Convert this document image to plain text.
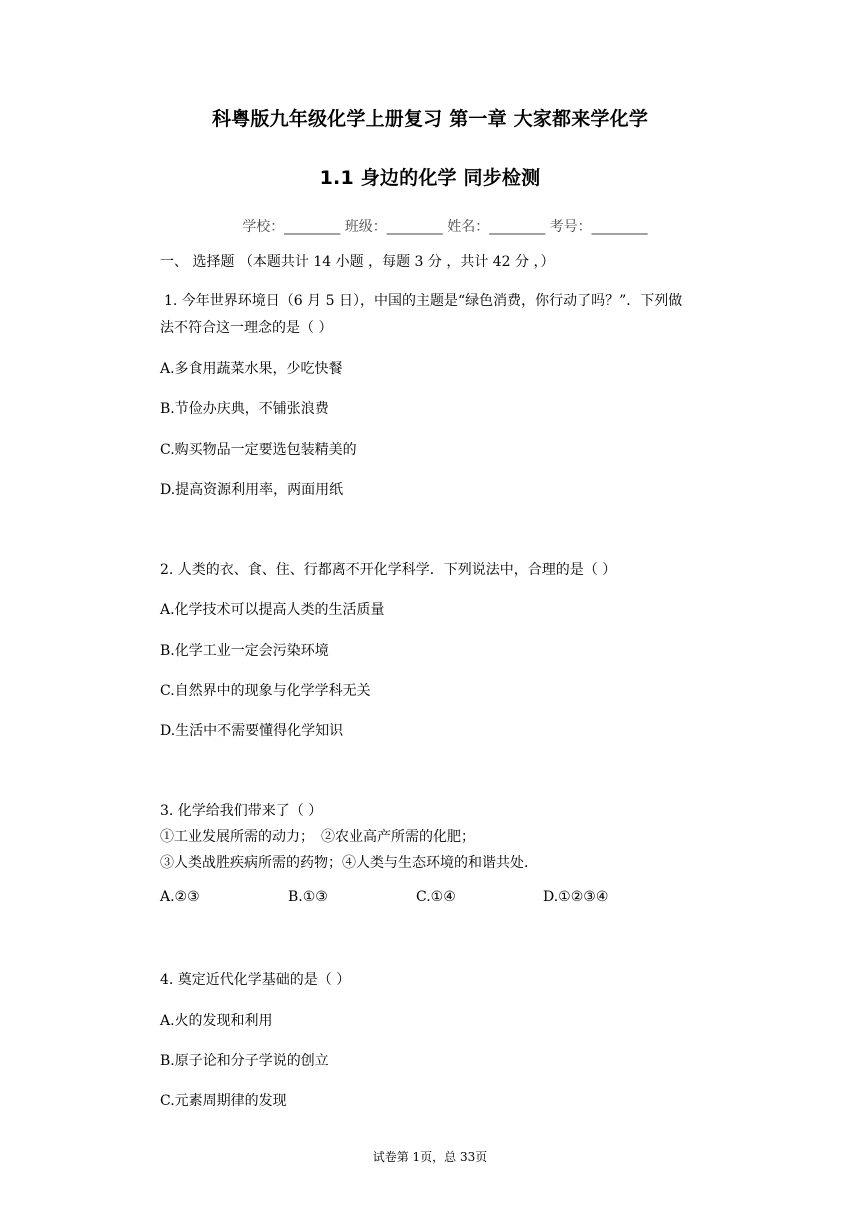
科粤版九年级化学上册复习 第一章 大家都来学化学
1.1 身边的化学 同步检测
学校：________ 班级：________ 姓名：________ 考号：________
一、 选择题 （本题共计 14 小题 ，每题 3 分 ，共计 42 分 ，）
1. 今年世界环境日（6 月 5 日），中国的主题是“绿色消费，你行动了吗？”．下列做
法不符合这一理念的是（ ）
A.多食用蔬菜水果，少吃快餐
B.节俭办庆典，不铺张浪费
C.购买物品一定要选包装精美的
D.提高资源利用率，两面用纸
2. 人类的衣、食、住、行都离不开化学科学．下列说法中，合理的是（ ）
A.化学技术可以提高人类的生活质量
B.化学工业一定会污染环境
C.自然界中的现象与化学学科无关
D.生活中不需要懂得化学知识
3. 化学给我们带来了（ ）
①工业发展所需的动力；　②农业高产所需的化肥；
③人类战胜疾病所需的药物；④人类与生态环境的和谐共处．
A.②③	B.①③	C.①④	D.①②③④
4. 奠定近代化学基础的是（ ）
A.火的发现和利用
B.原子论和分子学说的创立
C.元素周期律的发现
试卷第 1页，总 33页
